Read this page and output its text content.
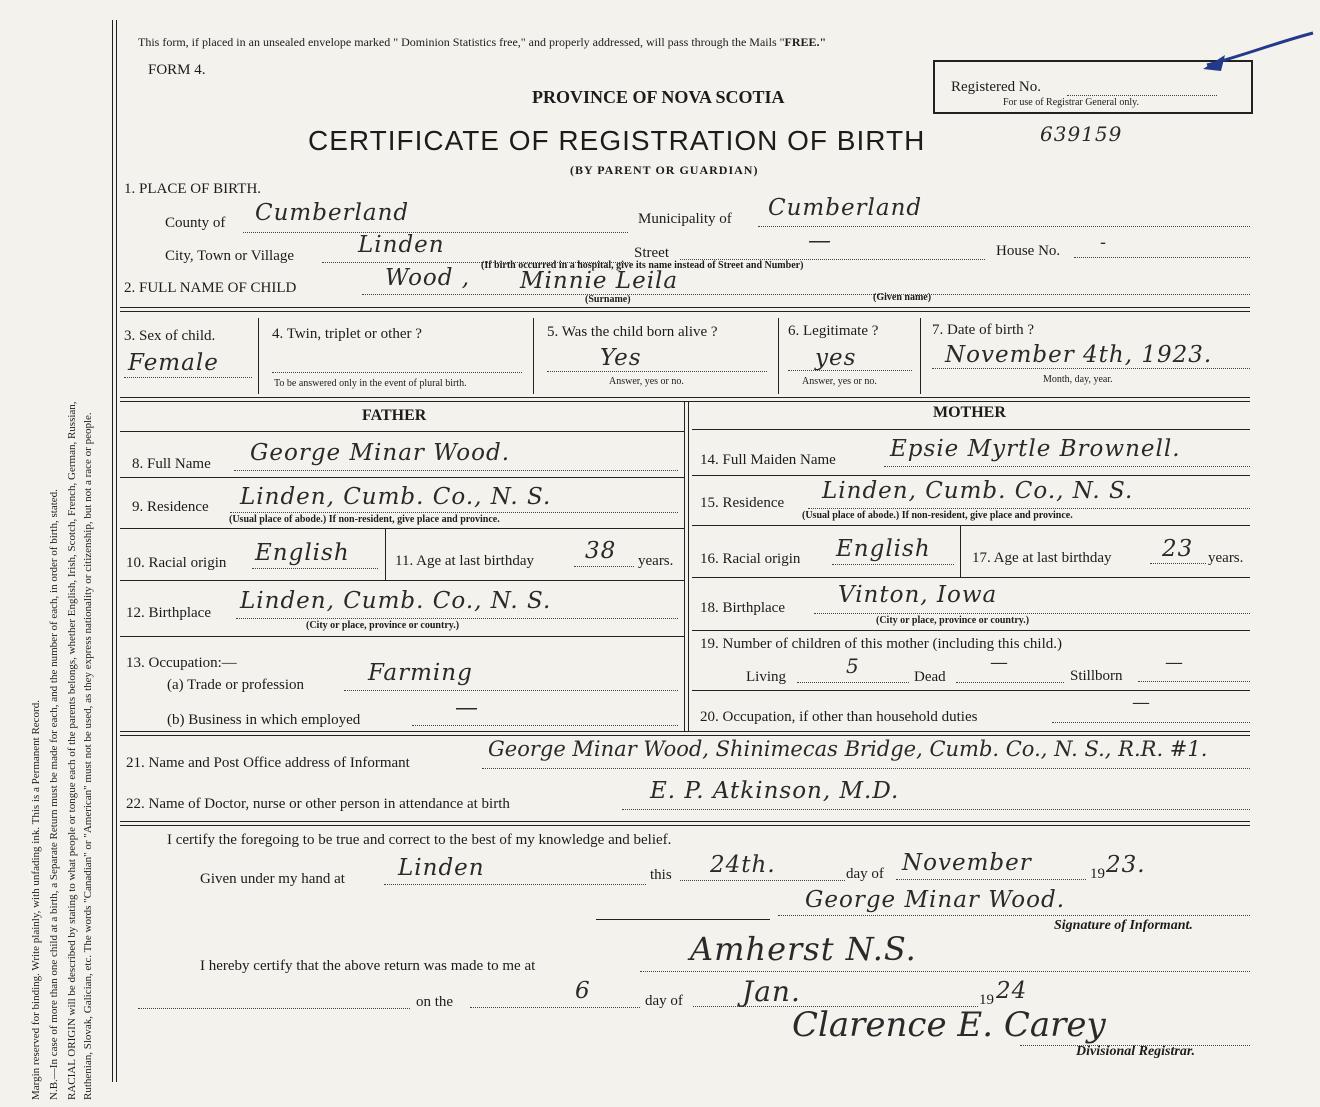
Margin reserved for binding. Write plainly, with unfading ink. This is a Permanent Record. N.B.—In case of more than one child at a birth, a Separate Return must be made for each, and the number of each, in order of birth, stated. RACIAL ORIGIN will be described by stating to what people or tongue each of the parents belongs, whether English, Irish, Scotch, French, German, Russian, Ruthenian, Slovak, Galician, etc. The words "Canadian" or "American" must not be used, as they express nationality or citizenship, but not a race or people.
This form, if placed in an unsealed envelope marked " Dominion Statistics free," and properly addressed, will pass through the Mails "FREE."
FORM 4.
PROVINCE OF NOVA SCOTIA
CERTIFICATE OF REGISTRATION OF BIRTH	639159
(BY PARENT OR GUARDIAN)
Registered No.
For use of Registrar General only.
1. PLACE OF BIRTH.
County of Cumberland	Municipality of Cumberland
City, Town or Village	Linden	Street	—	House No. -
(If birth occurred in a hospital, give its name instead of Street and Number)
2. FULL NAME OF CHILD	Wood , Minnie Leila
(Surname)	(Given name)
3. Sex of child.
Female
4. Twin, triplet or other ?
To be answered only in the event of plural birth.
5. Was the child born alive ?
Yes
Answer, yes or no.
6. Legitimate ?
yes
Answer, yes or no.
7. Date of birth ?
November 4th, 1923.
Month, day, year.
FATHER	MOTHER
8. Full Name George Minar Wood.
9. Residence Linden, Cumb. Co., N. S.
(Usual place of abode.) If non-resident, give place and province.
10. Racial origin English	11. Age at last birthday 38 years.
12. Birthplace Linden, Cumb. Co., N. S.
(City or place, province or country.)
13. Occupation:—
(a) Trade or profession	Farming
(b) Business in which employed	—
14. Full Maiden Name Epsie Myrtle Brownell.
15. Residence Linden, Cumb. Co., N. S.
(Usual place of abode.) If non-resident, give place and province.
16. Racial origin English	17. Age at last birthday 23 years.
18. Birthplace Vinton, Iowa
(City or place, province or country.)
19. Number of children of this mother (including this child.)
Living	5	Dead
—
Stillborn
—
20. Occupation, if other than household duties
—
21. Name and Post Office address of Informant
George Minar Wood, Shinimecas Bridge, Cumb. Co., N. S., R.R. #1.
22. Name of Doctor, nurse or other person in attendance at birth	E. P. Atkinson, M.D.
I certify the foregoing to be true and correct to the best of my knowledge and belief.
Given under my hand at Linden	this 24th.	day of November	19 23.
George Minar Wood.
Signature of Informant.
I hereby certify that the above return was made to me at	Amherst N.S.
on the	6	day of Jan.	19 24
Clarence E. Carey
Divisional Registrar.
